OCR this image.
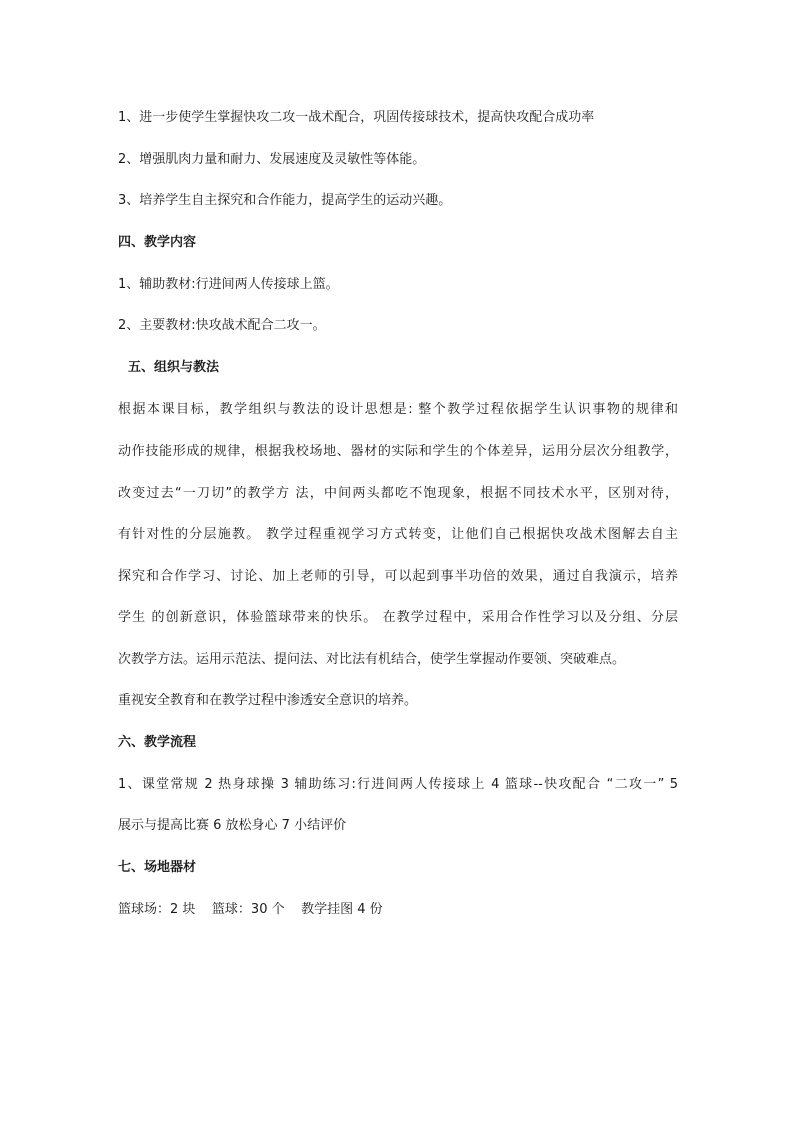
1、进一步使学生掌握快攻二攻一战术配合，巩固传接球技术，提高快攻配合成功率
2、增强肌肉力量和耐力、发展速度及灵敏性等体能。
3、培养学生自主探究和合作能力，提高学生的运动兴趣。
四、教学内容
1、辅助教材:行进间两人传接球上篮。
2、主要教材:快攻战术配合二攻一。
五、组织与教法
根据本课目标，教学组织与教法的设计思想是: 整个教学过程依据学生认识事物的规律和
动作技能形成的规律，根据我校场地、器材的实际和学生的个体差异，运用分层次分组教学，
改变过去“一刀切”的教学方 法，中间两头都吃不饱现象，根据不同技术水平，区别对待，
有针对性的分层施教。 教学过程重视学习方式转变，让他们自己根据快攻战术图解去自主
探究和合作学习、讨论、加上老师的引导，可以起到事半功倍的效果，通过自我演示，培养
学生 的创新意识，体验篮球带来的快乐。 在教学过程中，采用合作性学习以及分组、分层
次教学方法。运用示范法、提问法、对比法有机结合，使学生掌握动作要领、突破难点。
重视安全教育和在教学过程中渗透安全意识的培养。
六、教学流程
1、课堂常规 2 热身球操 3 辅助练习:行进间两人传接球上 4 篮球--快攻配合 “二攻一” 5
展示与提高比赛 6 放松身心 7 小结评价
七、场地器材
篮球场：2 块    篮球：30 个    教学挂图 4 份
